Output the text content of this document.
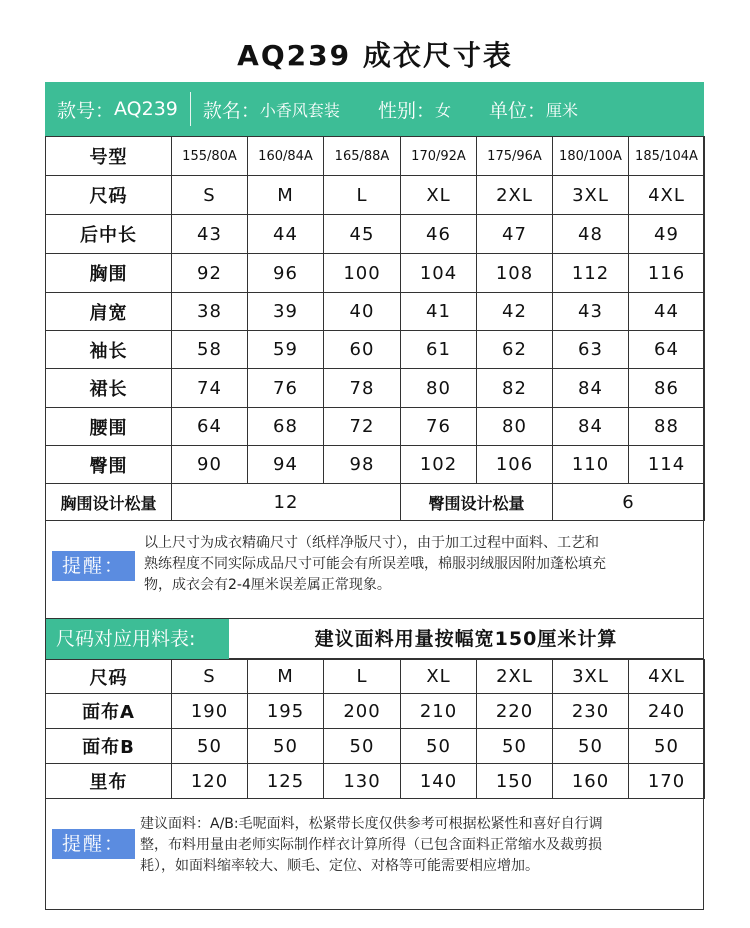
AQ239 成衣尺寸表
款号： AQ239 款名： 小香风套装 性别： 女 单位： 厘米
号型	155/80A	160/84A	165/88A	170/92A	175/96A	180/100A	185/104A
尺码	S	M	L	XL	2XL	3XL	4XL
后中长	43	44	45	46	47	48	49
胸围	92	96	100	104	108	112	116
肩宽	38	39	40	41	42	43	44
袖长	58	59	60	61	62	63	64
裙长	74	76	78	80	82	84	86
腰围	64	68	72	76	80	84	88
臀围	90	94	98	102	106	110	114
胸围设计松量	12			臀围设计松量		6	
提醒：
以上尺寸为成衣精确尺寸（纸样净版尺寸），由于加工过程中面料、工艺和
熟练程度不同实际成品尺寸可能会有所误差哦，棉服羽绒服因附加蓬松填充
物，成衣会有2-4厘米误差属正常现象。
尺码对应用料表:	建议面料用量按幅宽150厘米计算
尺码	S	M	L	XL	2XL	3XL	4XL
面布A	190	195	200	210	220	230	240
面布B	50	50	50	50	50	50	50
里布	120	125	130	140	150	160	170
提醒：
建议面料：A/B:毛呢面料，松紧带长度仅供参考可根据松紧性和喜好自行调
整，布料用量由老师实际制作样衣计算所得（已包含面料正常缩水及裁剪损
耗），如面料缩率较大、顺毛、定位、对格等可能需要相应增加。
